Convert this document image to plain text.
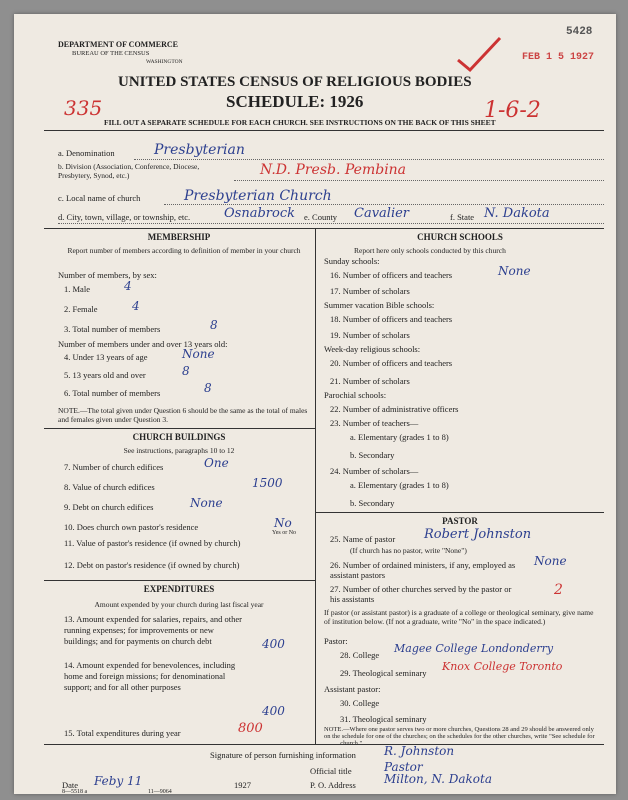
DEPARTMENT OF COMMERCE
BUREAU OF THE CENSUS
WASHINGTON
UNITED STATES CENSUS OF RELIGIOUS BODIES
SCHEDULE: 1926
FILL OUT A SEPARATE SCHEDULE FOR EACH CHURCH. SEE INSTRUCTIONS ON THE BACK OF THIS SHEET
5428
FEB 1 5 1927
335	1-6-2
a. Denomination	Presbyterian
b. Division (Association, Conference, Diocese, Presbytery, Synod, etc.)	N.D. Presb. Pembina
c. Local name of church	Presbyterian Church
d. City, town, village, or township, etc.	Osnabrock e. County Cavalier	f. State N. Dakota
MEMBERSHIP
Report number of members according to definition of member in your church
Number of members, by sex:
1. Male	4
2. Female	4
3. Total number of members	8
Number of members under and over 13 years old:
4. Under 13 years of age	None
5. 13 years old and over	8
6. Total number of members	8
NOTE.—The total given under Question 6 should be the same as the total of males and females given under Question 3.
CHURCH BUILDINGS
See instructions, paragraphs 10 to 12
7. Number of church edifices	One
8. Value of church edifices	1500
9. Debt on church edifices	None
10. Does church own pastor's residence	No
Yes or No
11. Value of pastor's residence (if owned by church)
12. Debt on pastor's residence (if owned by church)
EXPENDITURES
Amount expended by your church during last fiscal year
13. Amount expended for salaries, repairs, and other running expenses; for improvements or new buildings; and for payments on church debt	400
14. Amount expended for benevolences, including home and foreign missions; for denominational support; and for all other purposes
400
15. Total expenditures during year	800
CHURCH SCHOOLS
Report here only schools conducted by this church
Sunday schools:
16. Number of officers and teachers	None
17. Number of scholars
Summer vacation Bible schools:
18. Number of officers and teachers
19. Number of scholars
Week-day religious schools:
20. Number of officers and teachers
21. Number of scholars
Parochial schools:
22. Number of administrative officers
23. Number of teachers—
a. Elementary (grades 1 to 8)
b. Secondary
24. Number of scholars—
a. Elementary (grades 1 to 8)
b. Secondary
PASTOR
25. Name of pastor Robert Johnston
(If church has no pastor, write "None")
26. Number of ordained ministers, if any, employed as assistant pastors
None
27. Number of other churches served by the pastor or his assistants
2
If pastor (or assistant pastor) is a graduate of a college or theological seminary, give name of institution below. (If not a graduate, write "No" in the space indicated.)
Pastor:
28. College Magee College Londonderry
29. Theological seminary Knox College Toronto
Assistant pastor:
30. College
31. Theological seminary
NOTE.—Where one pastor serves two or more churches, Questions 28 and 29 should be answered only on the schedule for one of the churches; on the schedules for the other churches, write "See schedule for
Signature of person furnishing information R. Johnston
Official title	Pastor
Date Feby 11	1927	P. O. Address Milton, N. Dakota
8—5518 a	11—9064
